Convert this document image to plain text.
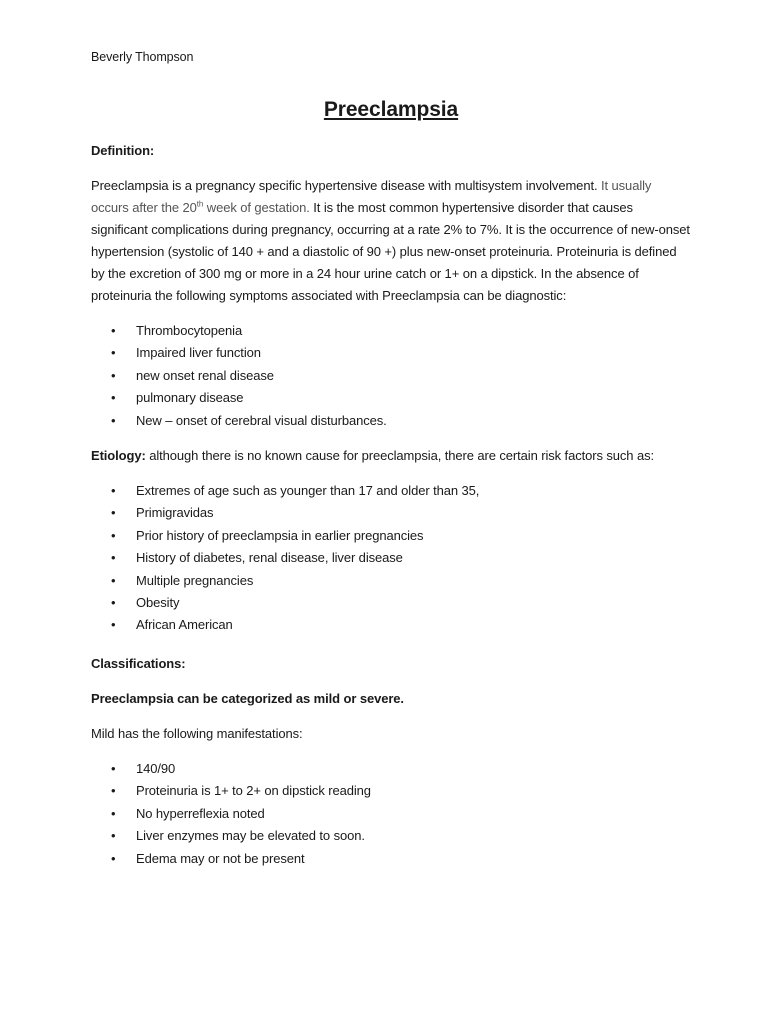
Beverly Thompson

Preeclampsia

Definition:

Preeclampsia is a pregnancy specific hypertensive disease with multisystem involvement. It usually occurs after the 20th week of gestation. It is the most common hypertensive disorder that causes significant complications during pregnancy, occurring at a rate 2% to 7%. It is the occurrence of new-onset hypertension (systolic of 140 + and a diastolic of 90 +) plus new-onset proteinuria. Proteinuria is defined by the excretion of 300 mg or more in a 24 hour urine catch or 1+ on a dipstick. In the absence of proteinuria the following symptoms associated with Preeclampsia can be diagnostic:

• Thrombocytopenia
• Impaired liver function
• new onset renal disease
• pulmonary disease
• New – onset of cerebral visual disturbances.

Etiology: although there is no known cause for preeclampsia, there are certain risk factors such as:

• Extremes of age such as younger than 17 and older than 35,
• Primigravidas
• Prior history of preeclampsia in earlier pregnancies
• History of diabetes, renal disease, liver disease
• Multiple pregnancies
• Obesity
• African American

Classifications:

Preeclampsia can be categorized as mild or severe.

Mild has the following manifestations:

• 140/90
• Proteinuria is 1+ to 2+ on dipstick reading
• No hyperreflexia noted
• Liver enzymes may be elevated to soon.
• Edema may or not be present
